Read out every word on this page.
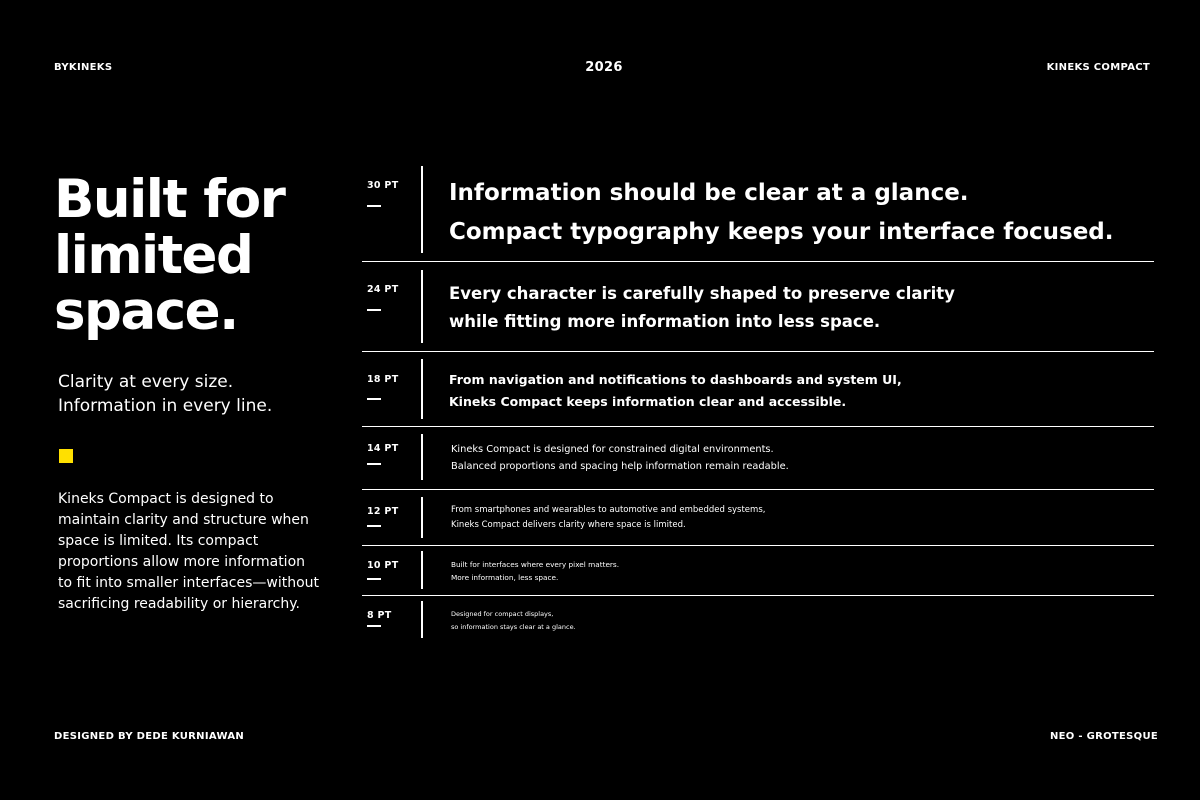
BYKINEKS	2026	KINEKS COMPACT
Built for
limited
space.
Clarity at every size.
Information in every line.
Kineks Compact is designed to
maintain clarity and structure when
space is limited. Its compact
proportions allow more information
to fit into smaller interfaces—without
sacrificing readability or hierarchy.
30 PT Information should be clear at a glance.
Compact typography keeps your interface focused.
24 PT	Every character is carefully shaped to preserve clarity
while fitting more information into less space.
18 PT	From navigation and notifications to dashboards and system UI,
Kineks Compact keeps information clear and accessible.
14 PT	Kineks Compact is designed for constrained digital environments.
Balanced proportions and spacing help information remain readable.
12 PT	From smartphones and wearables to automotive and embedded systems,
Kineks Compact delivers clarity where space is limited.
10 PT	Built for interfaces where every pixel matters.
More information, less space.
8 PT	Designed for compact displays,
so information stays clear at a glance.
DESIGNED BY DEDE KURNIAWAN	NEO - GROTESQUE
